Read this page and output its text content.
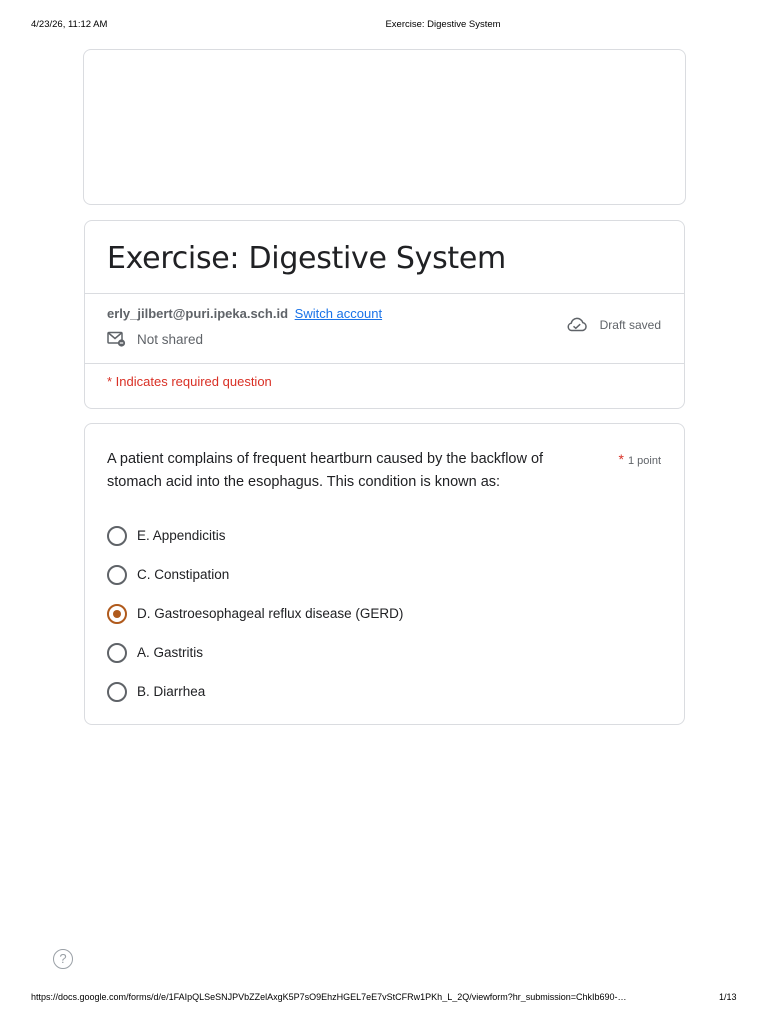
4/23/26, 11:12 AM	Exercise: Digestive System
Exercise: Digestive System
erly_jilbert@puri.ipeka.sch.id Switch account
Not shared
Draft saved
* Indicates required question
A patient complains of frequent heartburn caused by the backflow of stomach acid into the esophagus. This condition is known as:
* 1 point
E. Appendicitis
C. Constipation
D. Gastroesophageal reflux disease (GERD)
A. Gastritis
B. Diarrhea
?
https://docs.google.com/forms/d/e/1FAIpQLSeSNJPVbZZelAxgK5P7sO9EhzHGEL7eE7vStCFRw1PKh_L_2Q/viewform?hr_submission=ChkIb690-…	1/13
